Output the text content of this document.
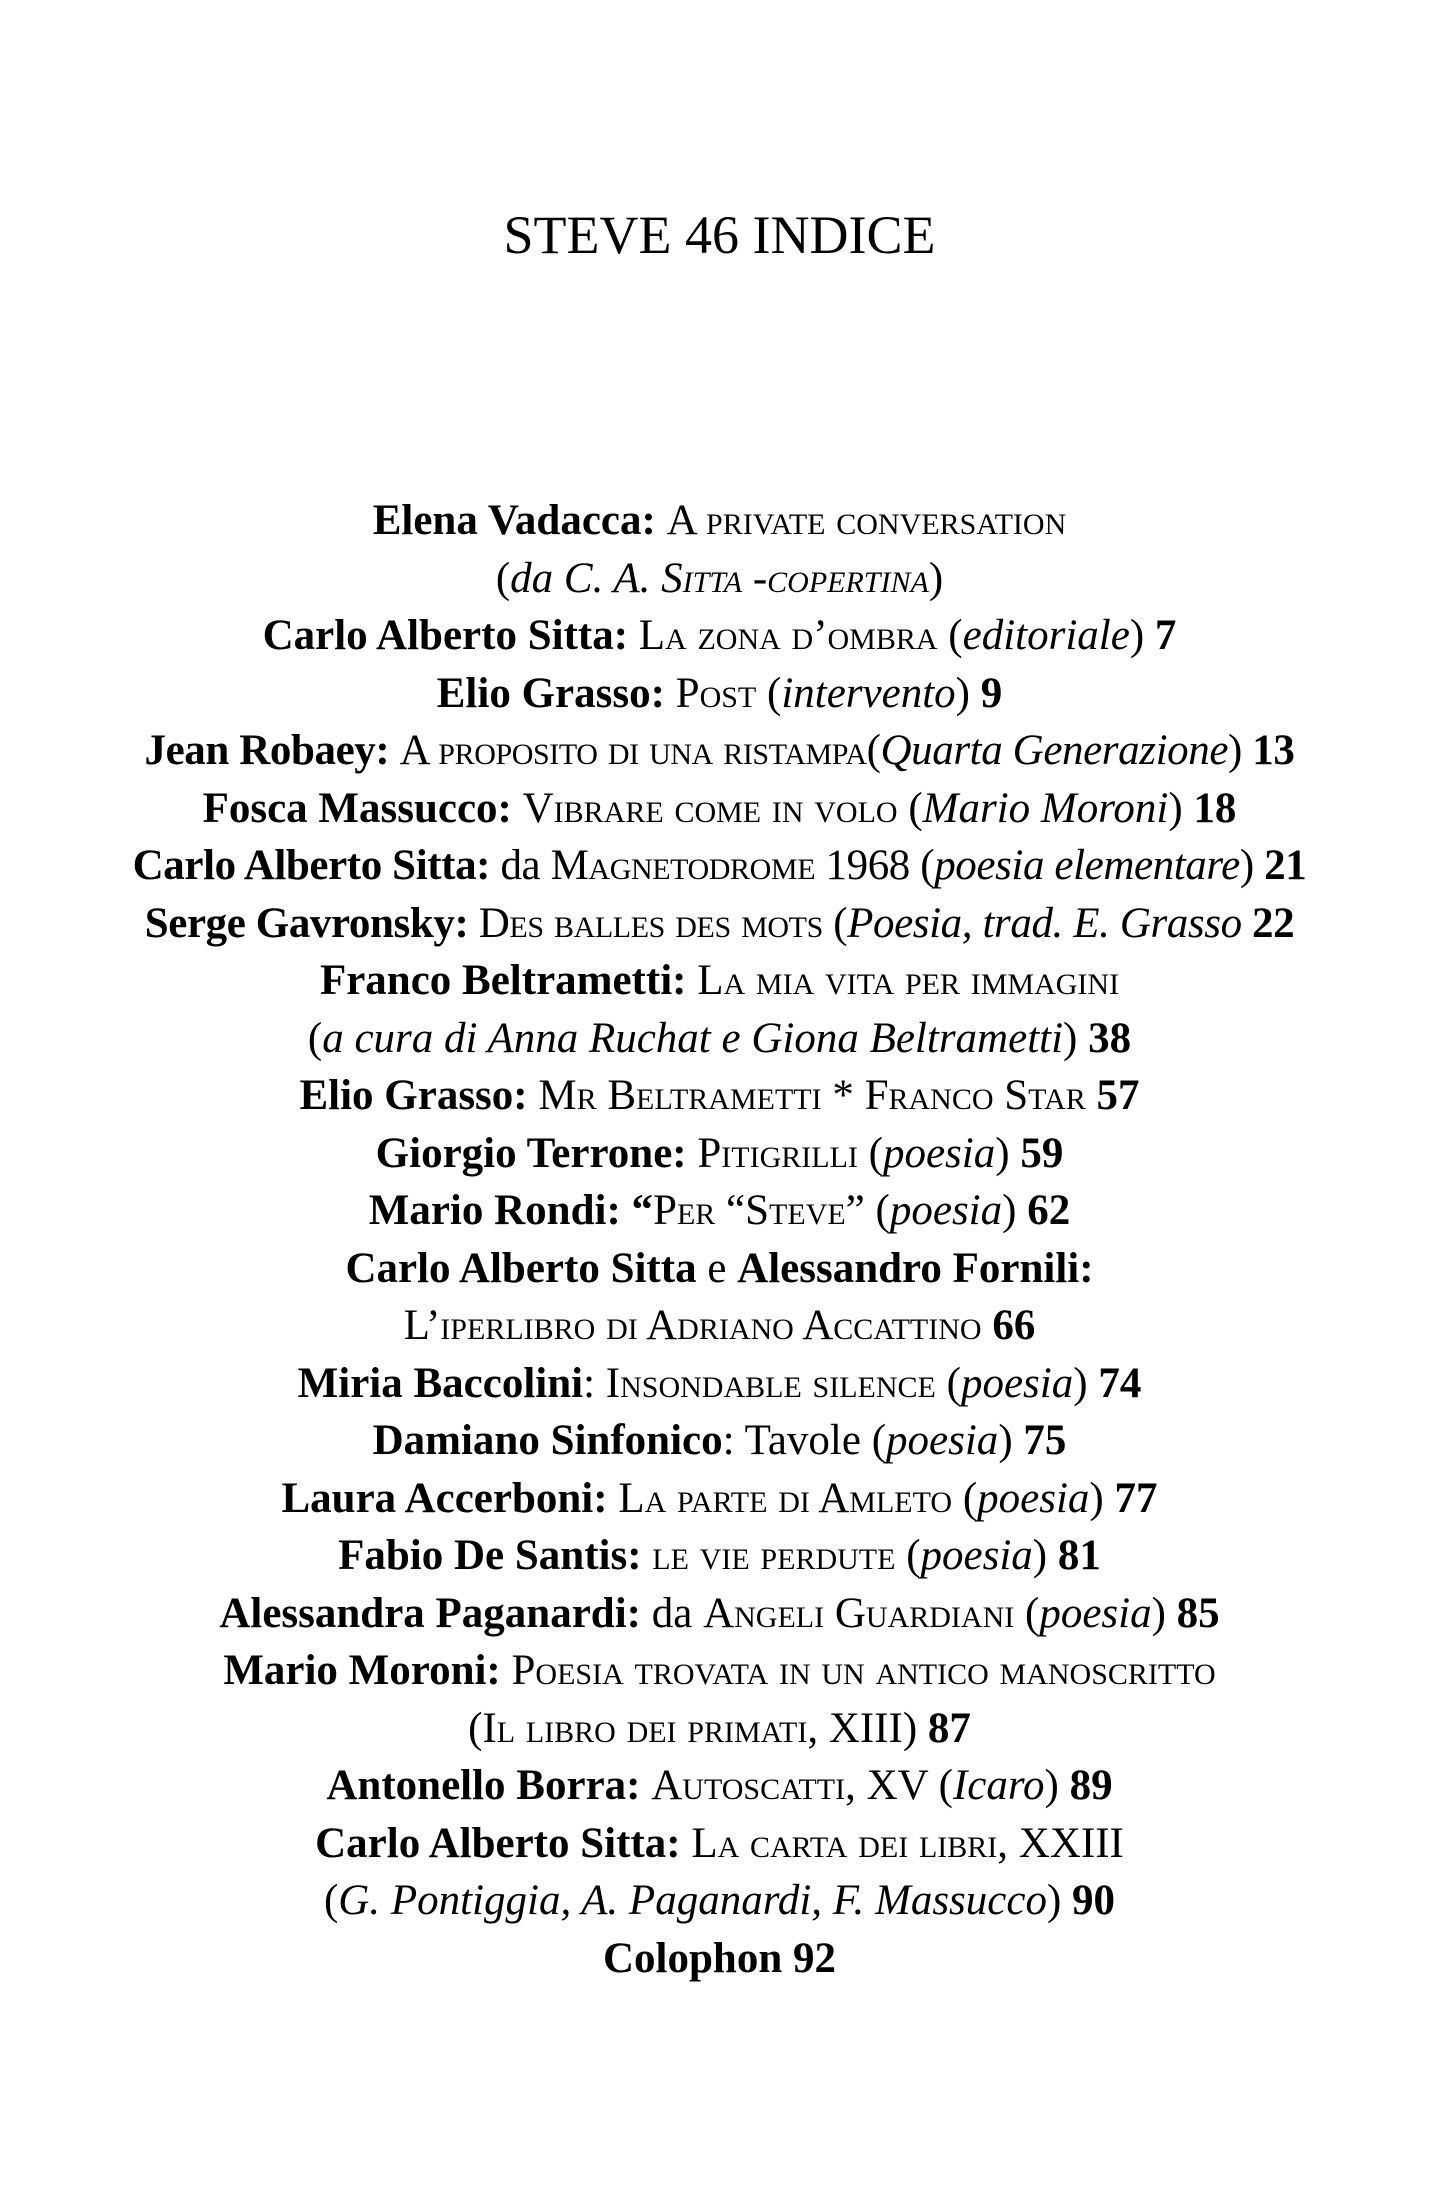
STEVE 46 INDICE
Elena Vadacca: A private conversation
(da C. A. Sitta -copertina)
Carlo Alberto Sitta: La zona d’ombra (editoriale) 7
Elio Grasso: Post (intervento) 9
Jean Robaey: A proposito di una ristampa(Quarta Generazione) 13
Fosca Massucco: Vibrare come in volo (Mario Moroni) 18
Carlo Alberto Sitta: da Magnetodrome 1968 (poesia elementare) 21
Serge Gavronsky: Des balles des mots (Poesia, trad. E. Grasso 22
Franco Beltrametti: La mia vita per immagini
(a cura di Anna Ruchat e Giona Beltrametti) 38
Elio Grasso: Mr Beltrametti * Franco Star 57
Giorgio Terrone: Pitigrilli (poesia) 59
Mario Rondi: “Per “Steve” (poesia) 62
Carlo Alberto Sitta e Alessandro Fornili:
L’iperlibro di Adriano Accattino 66
Miria Baccolini: Insondable silence (poesia) 74
Damiano Sinfonico: Tavole (poesia) 75
Laura Accerboni: La parte di Amleto (poesia) 77
Fabio De Santis: le vie perdute (poesia) 81
Alessandra Paganardi: da Angeli Guardiani (poesia) 85
Mario Moroni: Poesia trovata in un antico manoscritto
(Il libro dei primati, XIII) 87
Antonello Borra: Autoscatti, XV (Icaro) 89
Carlo Alberto Sitta: La carta dei libri, XXIII
(G. Pontiggia, A. Paganardi, F. Massucco) 90
Colophon 92
